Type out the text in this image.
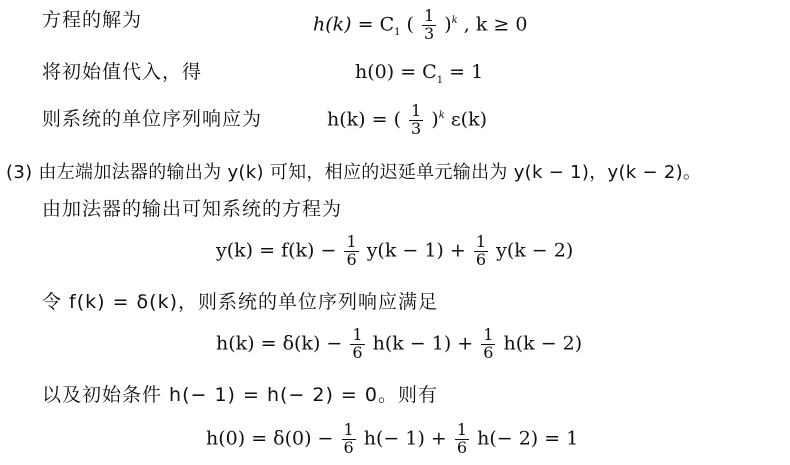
方程的解为	$h(k) = C_1$ ( $\frac{1}{3} )^k$ , k ≥ 0
将初始值代入，得	$h(0) = C_1 = 1$
则系统的单位序列响应为	h(k) = ( $\frac{1}{3} )^k$ ε(k)
(3) 由左端加法器的输出为 y(k) 可知，相应的迟延单元输出为 y(k − 1)，y(k − 2)。
由加法器的输出可知系统的方程为
$y(k) = f(k) - \frac{1}{6} y(k - 1) + \frac{1}{6} y(k - 2)$
令 f(k) = δ(k)，则系统的单位序列响应满足
$h(k) = \delta(k) - \frac{1}{6} h(k - 1) + \frac{1}{6} h(k - 2)$
以及初始条件 h(− 1) = h(− 2) = 0。则有
$h(0) = \delta(0) - \frac{1}{6} h(- 1) + \frac{1}{6} h(- 2) = 1$
